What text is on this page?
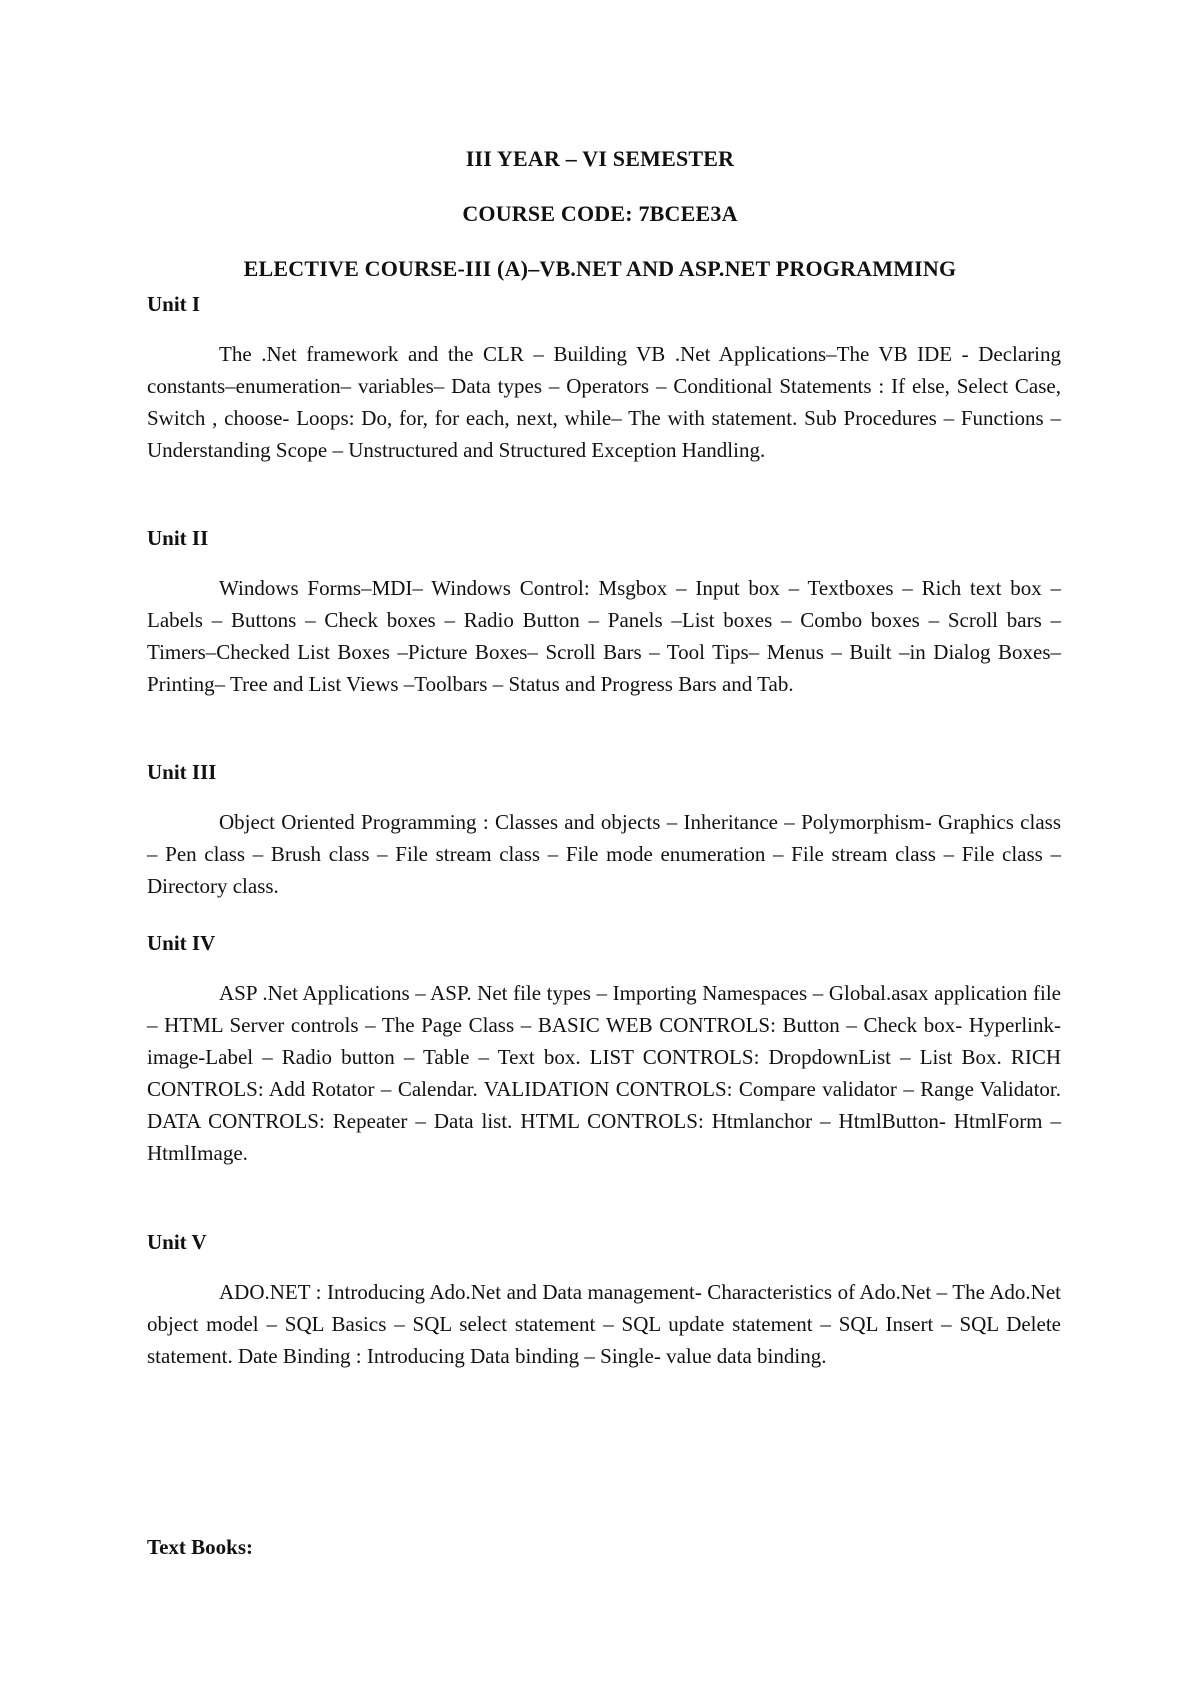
III YEAR – VI SEMESTER
COURSE CODE: 7BCEE3A
ELECTIVE COURSE-III (A)–VB.NET AND ASP.NET PROGRAMMING
Unit I

The .Net framework and the CLR – Building VB .Net Applications–The VB IDE - Declaring constants–enumeration– variables– Data types – Operators – Conditional Statements : If else, Select Case, Switch , choose- Loops: Do, for, for each, next, while– The with statement. Sub Procedures – Functions – Understanding Scope – Unstructured and Structured Exception Handling.

Unit II

Windows Forms–MDI– Windows Control: Msgbox – Input box – Textboxes – Rich text box – Labels – Buttons – Check boxes – Radio Button – Panels –List boxes – Combo boxes – Scroll bars – Timers–Checked List Boxes –Picture Boxes– Scroll Bars – Tool Tips– Menus – Built –in Dialog Boxes– Printing– Tree and List Views –Toolbars – Status and Progress Bars and Tab.

Unit III

Object Oriented Programming : Classes and objects – Inheritance – Polymorphism- Graphics class – Pen class – Brush class – File stream class – File mode enumeration – File stream class – File class – Directory class.

Unit IV

ASP .Net Applications – ASP. Net file types – Importing Namespaces – Global.asax application file – HTML Server controls – The Page Class – BASIC WEB CONTROLS: Button – Check box- Hyperlink-image-Label – Radio button – Table – Text box. LIST CONTROLS: DropdownList – List Box. RICH CONTROLS: Add Rotator – Calendar. VALIDATION CONTROLS: Compare validator – Range Validator. DATA CONTROLS: Repeater – Data list. HTML CONTROLS: Htmlanchor – HtmlButton- HtmlForm – HtmlImage.

Unit V

ADO.NET : Introducing Ado.Net and Data management- Characteristics of Ado.Net – The Ado.Net object model – SQL Basics – SQL select statement – SQL update statement – SQL Insert – SQL Delete statement. Date Binding : Introducing Data binding – Single- value data binding.

Text Books:
